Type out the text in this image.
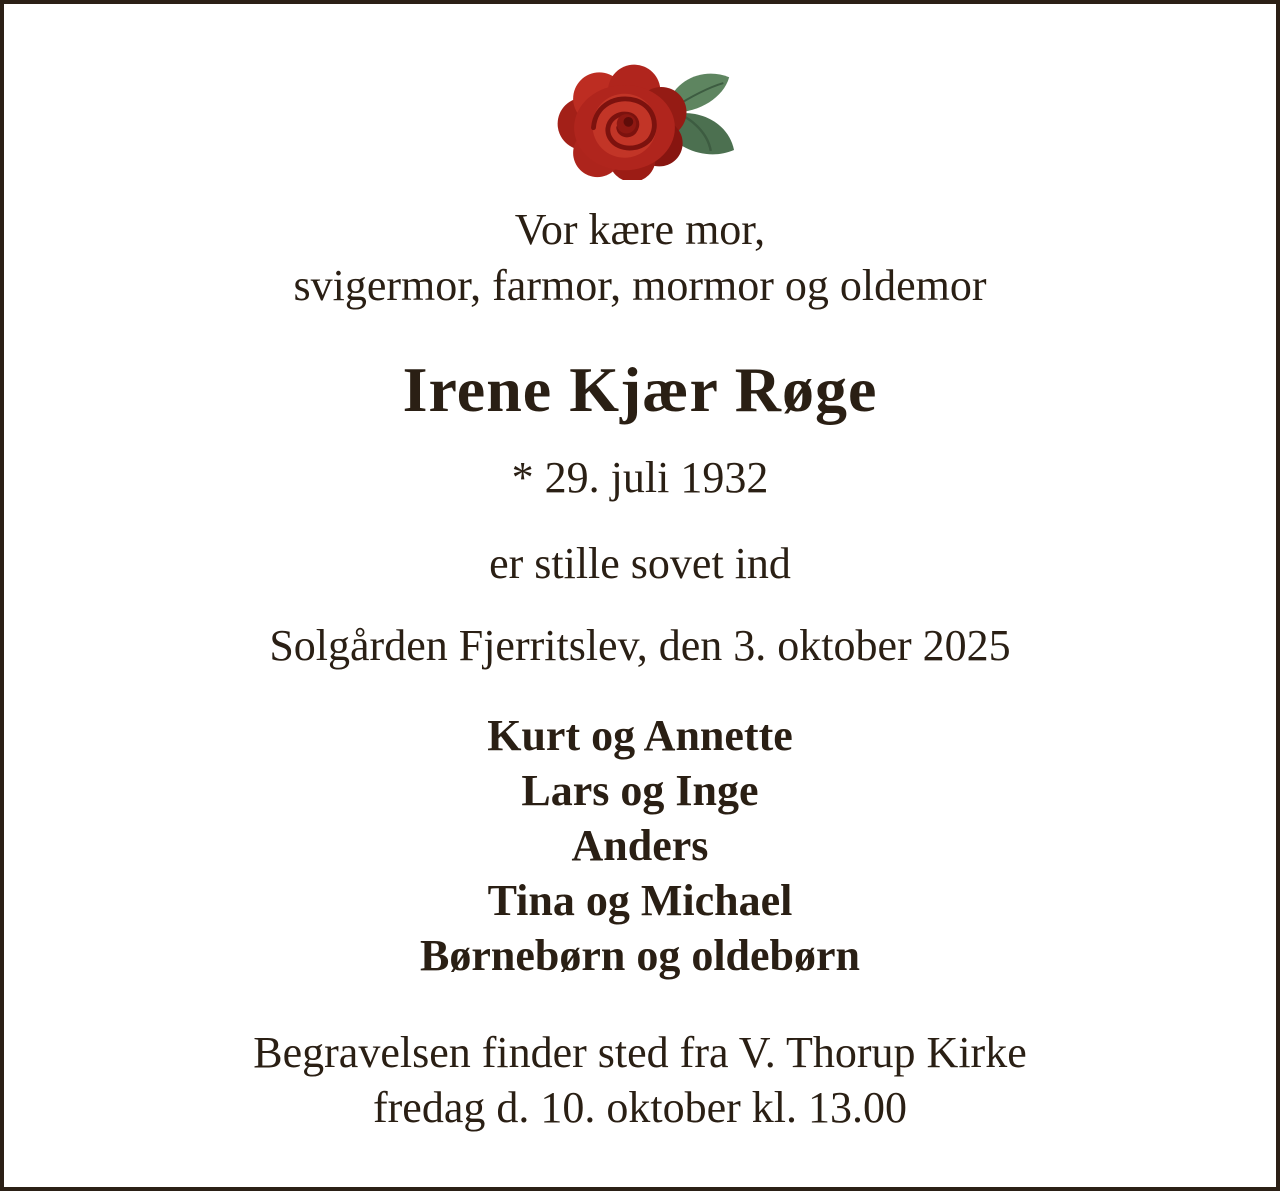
Vor kære mor,
svigermor, farmor, mormor og oldemor
Irene Kjær Røge
* 29. juli 1932
er stille sovet ind
Solgården Fjerritslev, den 3. oktober 2025
Kurt og Annette
Lars og Inge
Anders
Tina og Michael
Børnebørn og oldebørn
Begravelsen finder sted fra V. Thorup Kirke
fredag d. 10. oktober kl. 13.00
